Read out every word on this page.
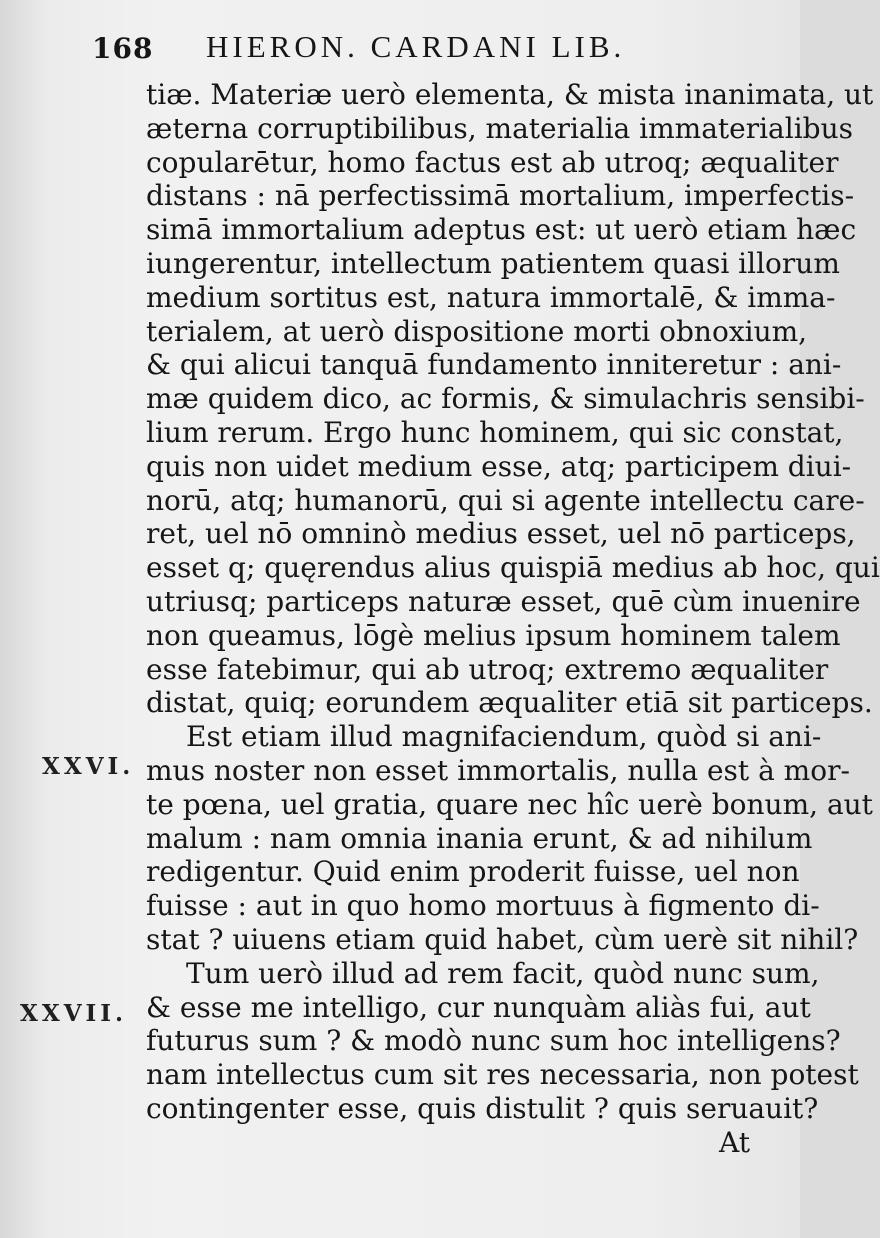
168 HIERON. CARDANI LIB.
XXVI.
XXVII.
tiæ. Materiæ uerò elementa, & mista inanimata, ut
æterna corruptibilibus, materialia immaterialibus
copularētur, homo factus est ab utroq; æqualiter
distans : nā perfectissimā mortalium, imperfectis-
simā immortalium adeptus est: ut uerò etiam hæc
iungerentur, intellectum patientem quasi illorum
medium sortitus est, natura immortalē, & imma-
terialem, at uerò dispositione morti obnoxium,
& qui alicui tanquā fundamento inniteretur : ani-
mæ quidem dico, ac formis, & simulachris sensibi-
lium rerum. Ergo hunc hominem, qui sic constat,
quis non uidet medium esse, atq; participem diui-
norū, atq; humanorū, qui si agente intellectu care-
ret, uel nō omninò medius esset, uel nō particeps,
esset q; quęrendus alius quispiā medius ab hoc, qui
utriusq; particeps naturæ esset, quē cùm inuenire
non queamus, lōgè melius ipsum hominem talem
esse fatebimur, qui ab utroq; extremo æqualiter
distat, quiq; eorundem æqualiter etiā sit particeps.
Est etiam illud magnifaciendum, quòd si ani-
mus noster non esset immortalis, nulla est à mor-
te pœna, uel gratia, quare nec hîc uerè bonum, aut
malum : nam omnia inania erunt, & ad nihilum
redigentur. Quid enim proderit fuisse, uel non
fuisse : aut in quo homo mortuus à figmento di-
stat ? uiuens etiam quid habet, cùm uerè sit nihil?
Tum uerò illud ad rem facit, quòd nunc sum,
& esse me intelligo, cur nunquàm aliàs fui, aut
futurus sum ? & modò nunc sum hoc intelligens?
nam intellectus cum sit res necessaria, non potest
contingenter esse, quis distulit ? quis seruauit?
At
